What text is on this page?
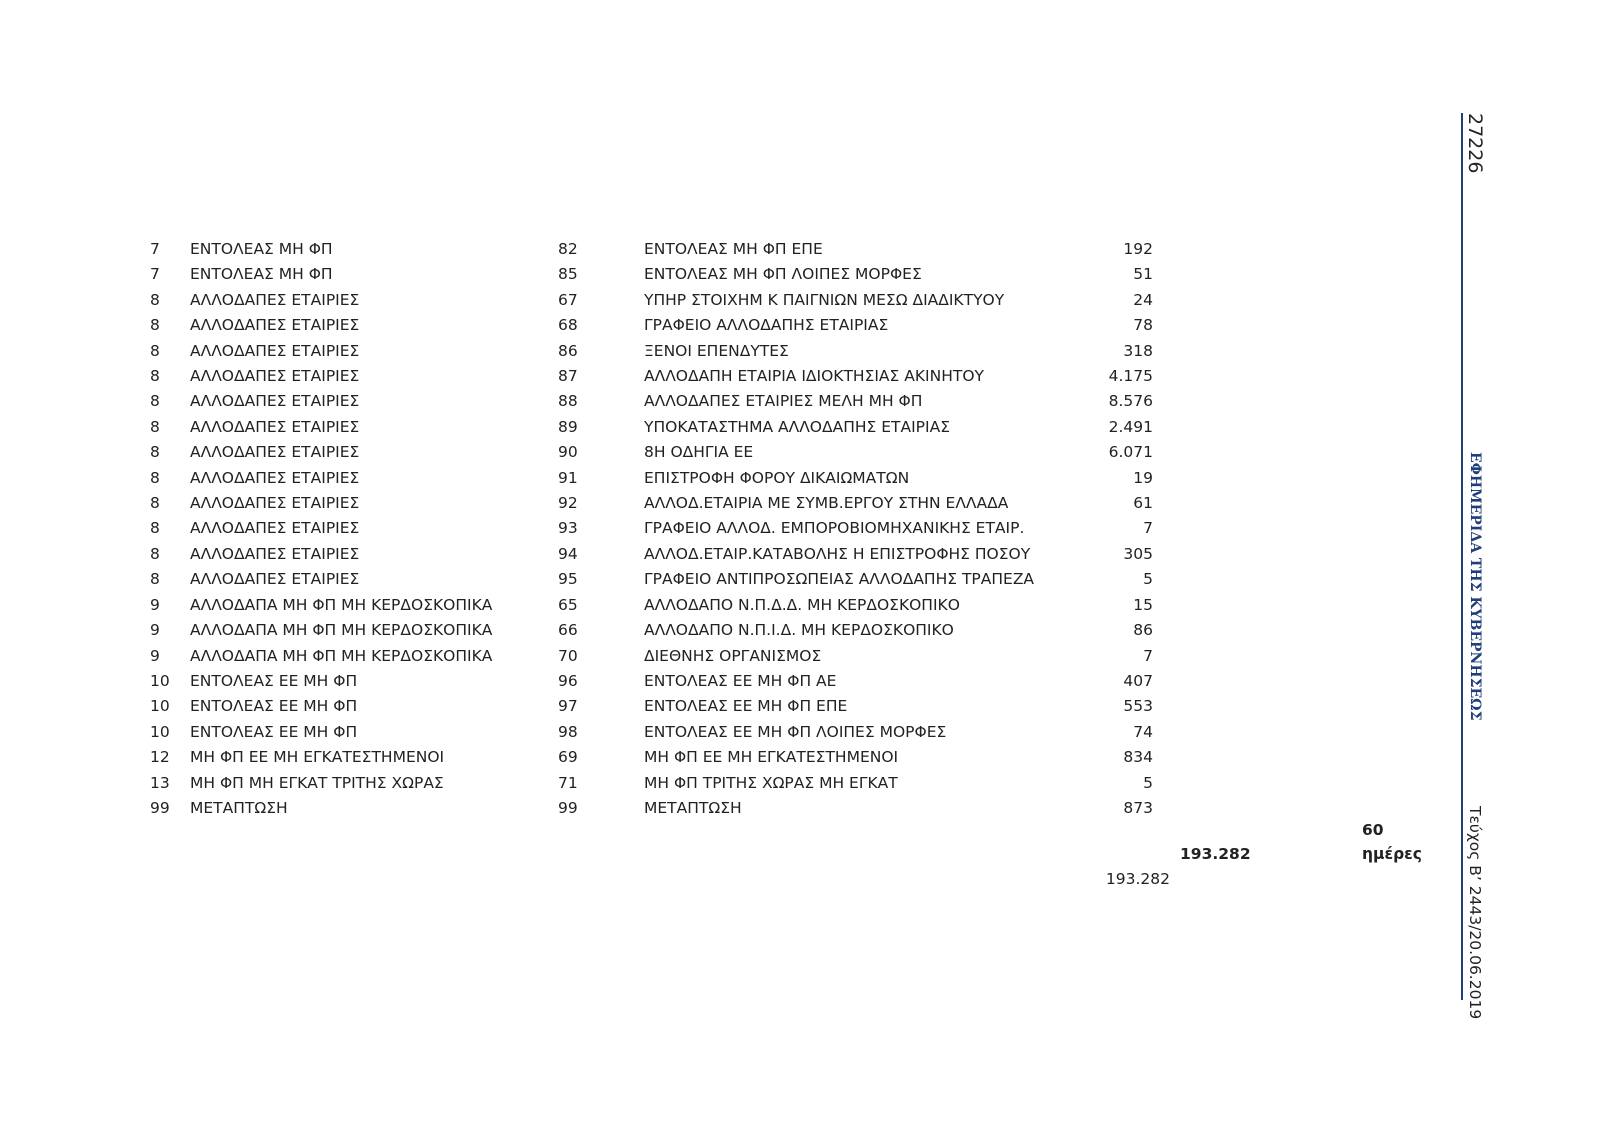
7	ΕΝΤΟΛΕΑΣ ΜΗ ΦΠ	82	ΕΝΤΟΛΕΑΣ ΜΗ ΦΠ ΕΠΕ	192
7	ΕΝΤΟΛΕΑΣ ΜΗ ΦΠ	85	ΕΝΤΟΛΕΑΣ ΜΗ ΦΠ ΛΟΙΠΕΣ ΜΟΡΦΕΣ	51
8	ΑΛΛΟΔΑΠΕΣ ΕΤΑΙΡΙΕΣ	67	ΥΠΗΡ ΣΤΟΙΧΗΜ Κ ΠΑΙΓΝΙΩΝ ΜΕΣΩ ΔΙΑΔΙΚΤΥΟΥ	24
8	ΑΛΛΟΔΑΠΕΣ ΕΤΑΙΡΙΕΣ	68	ΓΡΑΦΕΙΟ ΑΛΛΟΔΑΠΗΣ ΕΤΑΙΡΙΑΣ	78
8	ΑΛΛΟΔΑΠΕΣ ΕΤΑΙΡΙΕΣ	86	ΞΕΝΟΙ ΕΠΕΝΔΥΤΕΣ	318
8	ΑΛΛΟΔΑΠΕΣ ΕΤΑΙΡΙΕΣ	87	ΑΛΛΟΔΑΠΗ ΕΤΑΙΡΙΑ ΙΔΙΟΚΤΗΣΙΑΣ ΑΚΙΝΗΤΟΥ	4.175
8	ΑΛΛΟΔΑΠΕΣ ΕΤΑΙΡΙΕΣ	88	ΑΛΛΟΔΑΠΕΣ ΕΤΑΙΡΙΕΣ ΜΕΛΗ ΜΗ ΦΠ	8.576
8	ΑΛΛΟΔΑΠΕΣ ΕΤΑΙΡΙΕΣ	89	ΥΠΟΚΑΤΑΣΤΗΜΑ ΑΛΛΟΔΑΠΗΣ ΕΤΑΙΡΙΑΣ	2.491
8	ΑΛΛΟΔΑΠΕΣ ΕΤΑΙΡΙΕΣ	90	8Η ΟΔΗΓΙΑ ΕΕ	6.071
8	ΑΛΛΟΔΑΠΕΣ ΕΤΑΙΡΙΕΣ	91	ΕΠΙΣΤΡΟΦΗ ΦΟΡΟΥ ΔΙΚΑΙΩΜΑΤΩΝ	19
8	ΑΛΛΟΔΑΠΕΣ ΕΤΑΙΡΙΕΣ	92	ΑΛΛΟΔ.ΕΤΑΙΡΙΑ ΜΕ ΣΥΜΒ.ΕΡΓΟΥ ΣΤΗΝ ΕΛΛΑΔΑ	61
8	ΑΛΛΟΔΑΠΕΣ ΕΤΑΙΡΙΕΣ	93	ΓΡΑΦΕΙΟ ΑΛΛΟΔ. ΕΜΠΟΡΟΒΙΟΜΗΧΑΝΙΚΗΣ ΕΤΑΙΡ.	7
8	ΑΛΛΟΔΑΠΕΣ ΕΤΑΙΡΙΕΣ	94	ΑΛΛΟΔ.ΕΤΑΙΡ.ΚΑΤΑΒΟΛΗΣ Η ΕΠΙΣΤΡΟΦΗΣ ΠΟΣΟΥ	305
8	ΑΛΛΟΔΑΠΕΣ ΕΤΑΙΡΙΕΣ	95	ΓΡΑΦΕΙΟ ΑΝΤΙΠΡΟΣΩΠΕΙΑΣ ΑΛΛΟΔΑΠΗΣ ΤΡΑΠΕΖΑ	5
9	ΑΛΛΟΔΑΠΑ ΜΗ ΦΠ ΜΗ ΚΕΡΔΟΣΚΟΠΙΚΑ	65	ΑΛΛΟΔΑΠΟ Ν.Π.Δ.Δ. ΜΗ ΚΕΡΔΟΣΚΟΠΙΚΟ	15
9	ΑΛΛΟΔΑΠΑ ΜΗ ΦΠ ΜΗ ΚΕΡΔΟΣΚΟΠΙΚΑ	66	ΑΛΛΟΔΑΠΟ Ν.Π.Ι.Δ. ΜΗ ΚΕΡΔΟΣΚΟΠΙΚΟ	86
9	ΑΛΛΟΔΑΠΑ ΜΗ ΦΠ ΜΗ ΚΕΡΔΟΣΚΟΠΙΚΑ	70	ΔΙΕΘΝΗΣ ΟΡΓΑΝΙΣΜΟΣ	7
10	ΕΝΤΟΛΕΑΣ ΕΕ ΜΗ ΦΠ	96	ΕΝΤΟΛΕΑΣ ΕΕ ΜΗ ΦΠ ΑΕ	407
10	ΕΝΤΟΛΕΑΣ ΕΕ ΜΗ ΦΠ	97	ΕΝΤΟΛΕΑΣ ΕΕ ΜΗ ΦΠ ΕΠΕ	553
10	ΕΝΤΟΛΕΑΣ ΕΕ ΜΗ ΦΠ	98	ΕΝΤΟΛΕΑΣ ΕΕ ΜΗ ΦΠ ΛΟΙΠΕΣ ΜΟΡΦΕΣ	74
12	ΜΗ ΦΠ ΕΕ ΜΗ ΕΓΚΑΤΕΣΤΗΜΕΝΟΙ	69	ΜΗ ΦΠ ΕΕ ΜΗ ΕΓΚΑΤΕΣΤΗΜΕΝΟΙ	834
13	ΜΗ ΦΠ ΜΗ ΕΓΚΑΤ ΤΡΙΤΗΣ ΧΩΡΑΣ	71	ΜΗ ΦΠ ΤΡΙΤΗΣ ΧΩΡΑΣ ΜΗ ΕΓΚΑΤ	5
99	ΜΕΤΑΠΤΩΣΗ	99	ΜΕΤΑΠΤΩΣΗ	873
193.282
60
ημέρες
193.282
27226
ΕΦΗΜΕΡΙΔΑ ΤΗΣ ΚΥΒΕΡΝΗΣΕΩΣ
Τεύχος Β’ 2443/20.06.2019
